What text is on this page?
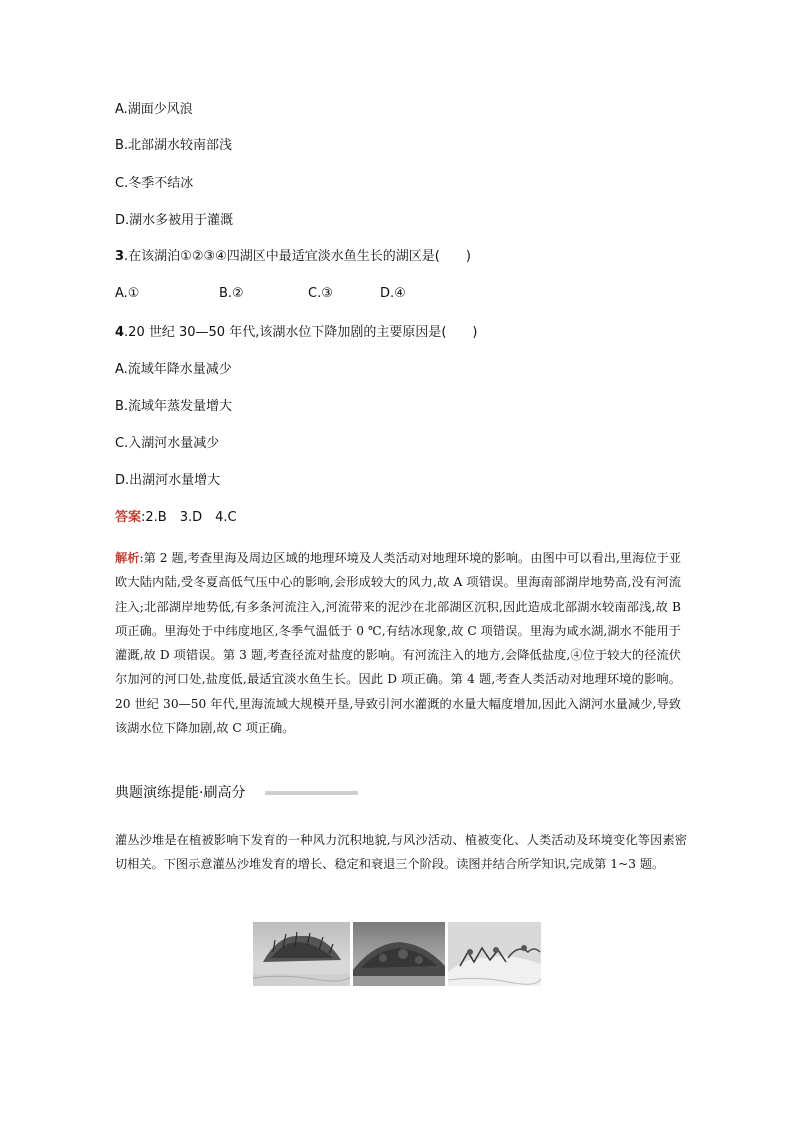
A.湖面少风浪
B.北部湖水较南部浅
C.冬季不结冰
D.湖水多被用于灌溉
3.在该湖泊①②③④四湖区中最适宜淡水鱼生长的湖区是(　　)
A.①	B.②	C.③	D.④
4.20 世纪 30—50 年代,该湖水位下降加剧的主要原因是(　　)
A.流域年降水量减少
B.流域年蒸发量增大
C.入湖河水量减少
D.出湖河水量增大
答案:2.B　3.D　4.C
解析:第 2 题,考查里海及周边区域的地理环境及人类活动对地理环境的影响。由图中可以看出,里海位于亚欧大陆内陆,受冬夏高低气压中心的影响,会形成较大的风力,故 A 项错误。里海南部湖岸地势高,没有河流注入;北部湖岸地势低,有多条河流注入,河流带来的泥沙在北部湖区沉积,因此造成北部湖水较南部浅,故 B 项正确。里海处于中纬度地区,冬季气温低于 0 ℃,有结冰现象,故 C 项错误。里海为咸水湖,湖水不能用于灌溉,故 D 项错误。第 3 题,考查径流对盐度的影响。有河流注入的地方,会降低盐度,④位于较大的径流伏尔加河的河口处,盐度低,最适宜淡水鱼生长。因此 D 项正确。第 4 题,考查人类活动对地理环境的影响。20 世纪 30—50 年代,里海流域大规模开垦,导致引河水灌溉的水量大幅度增加,因此入湖河水量减少,导致该湖水位下降加剧,故 C 项正确。
典题演练提能·刷高分
灌丛沙堆是在植被影响下发育的一种风力沉积地貌,与风沙活动、植被变化、人类活动及环境变化等因素密切相关。下图示意灌丛沙堆发育的增长、稳定和衰退三个阶段。读图并结合所学知识,完成第 1~3 题。
